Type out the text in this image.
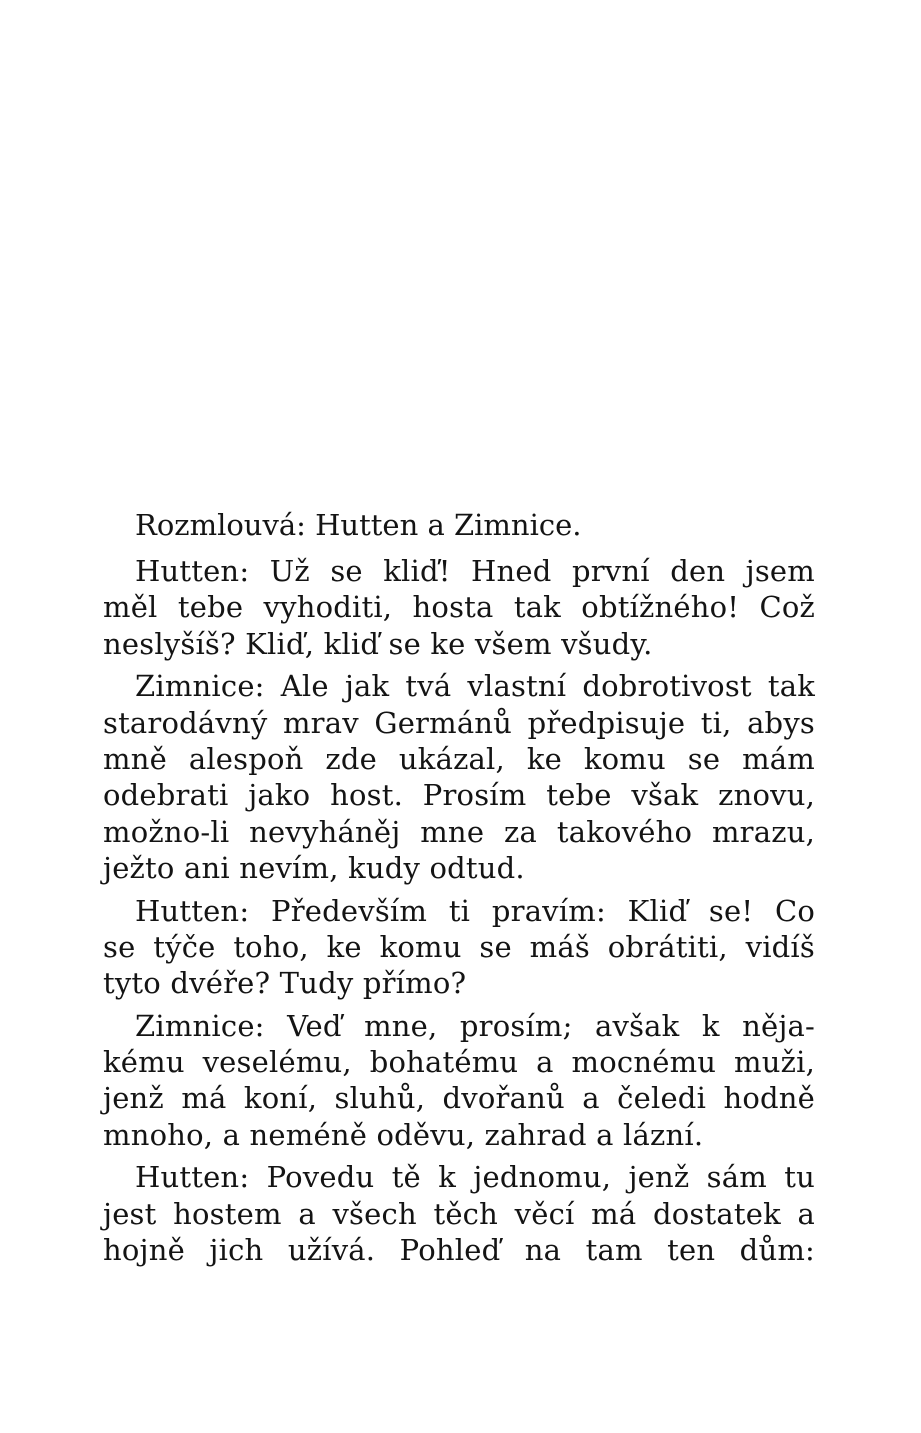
Rozmlouvá: Hutten a Zimnice.
Hutten: Už se kliď! Hned první den jsem
měl tebe vyhoditi, hosta tak obtížného! Což
neslyšíš? Kliď, kliď se ke všem všudy.
Zimnice: Ale jak tvá vlastní dobrotivost tak
starodávný mrav Germánů předpisuje ti, abys
mně alespoň zde ukázal, ke komu se mám
odebrati jako host. Prosím tebe však znovu,
možno-li nevyháněj mne za takového mrazu,
ježto ani nevím, kudy odtud.
Hutten: Především ti pravím: Kliď se! Co
se týče toho, ke komu se máš obrátiti, vidíš
tyto dvéře? Tudy přímo?
Zimnice: Veď mne, prosím; avšak k něja-
kému veselému, bohatému a mocnému muži,
jenž má koní, sluhů, dvořanů a čeledi hodně
mnoho, a neméně oděvu, zahrad a lázní.
Hutten: Povedu tě k jednomu, jenž sám tu
jest hostem a všech těch věcí má dostatek a
hojně jich užívá. Pohleď na tam ten dům:
